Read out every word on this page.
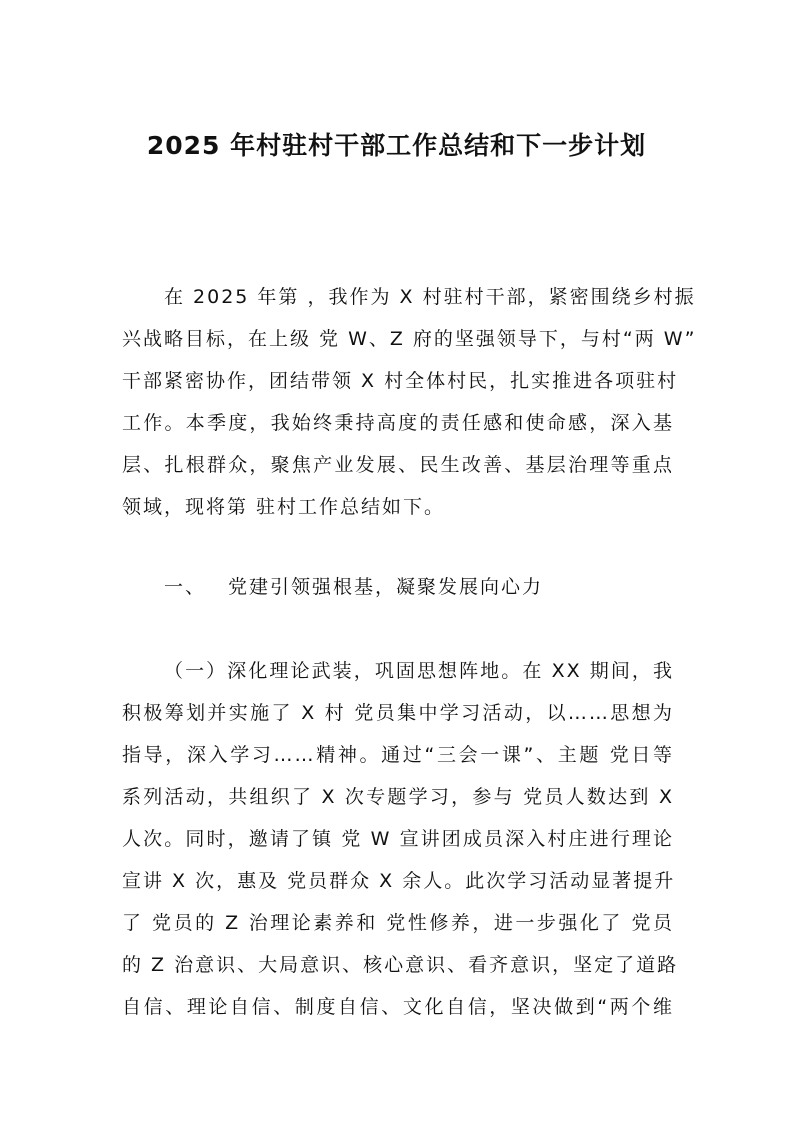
2025 年村驻村干部工作总结和下一步计划
在 2025 年第 ，我作为 X 村驻村干部，紧密围绕乡村振
兴战略目标，在上级 党 W、Z 府的坚强领导下，与村“两 W”
干部紧密协作，团结带领 X 村全体村民，扎实推进各项驻村
工作。本季度，我始终秉持高度的责任感和使命感，深入基
层、扎根群众，聚焦产业发展、民生改善、基层治理等重点
领域，现将第 驻村工作总结如下。
一、 党建引领强根基，凝聚发展向心力
（一）深化理论武装，巩固思想阵地。在 XX 期间，我
积极筹划并实施了 X 村 党员集中学习活动，以……思想为
指导，深入学习……精神。通过“三会一课”、主题 党日等
系列活动，共组织了 X 次专题学习，参与 党员人数达到 X
人次。同时，邀请了镇 党 W 宣讲团成员深入村庄进行理论
宣讲 X 次，惠及 党员群众 X 余人。此次学习活动显著提升
了 党员的 Z 治理论素养和 党性修养，进一步强化了 党员
的 Z 治意识、大局意识、核心意识、看齐意识，坚定了道路
自信、理论自信、制度自信、文化自信，坚决做到“两个维
